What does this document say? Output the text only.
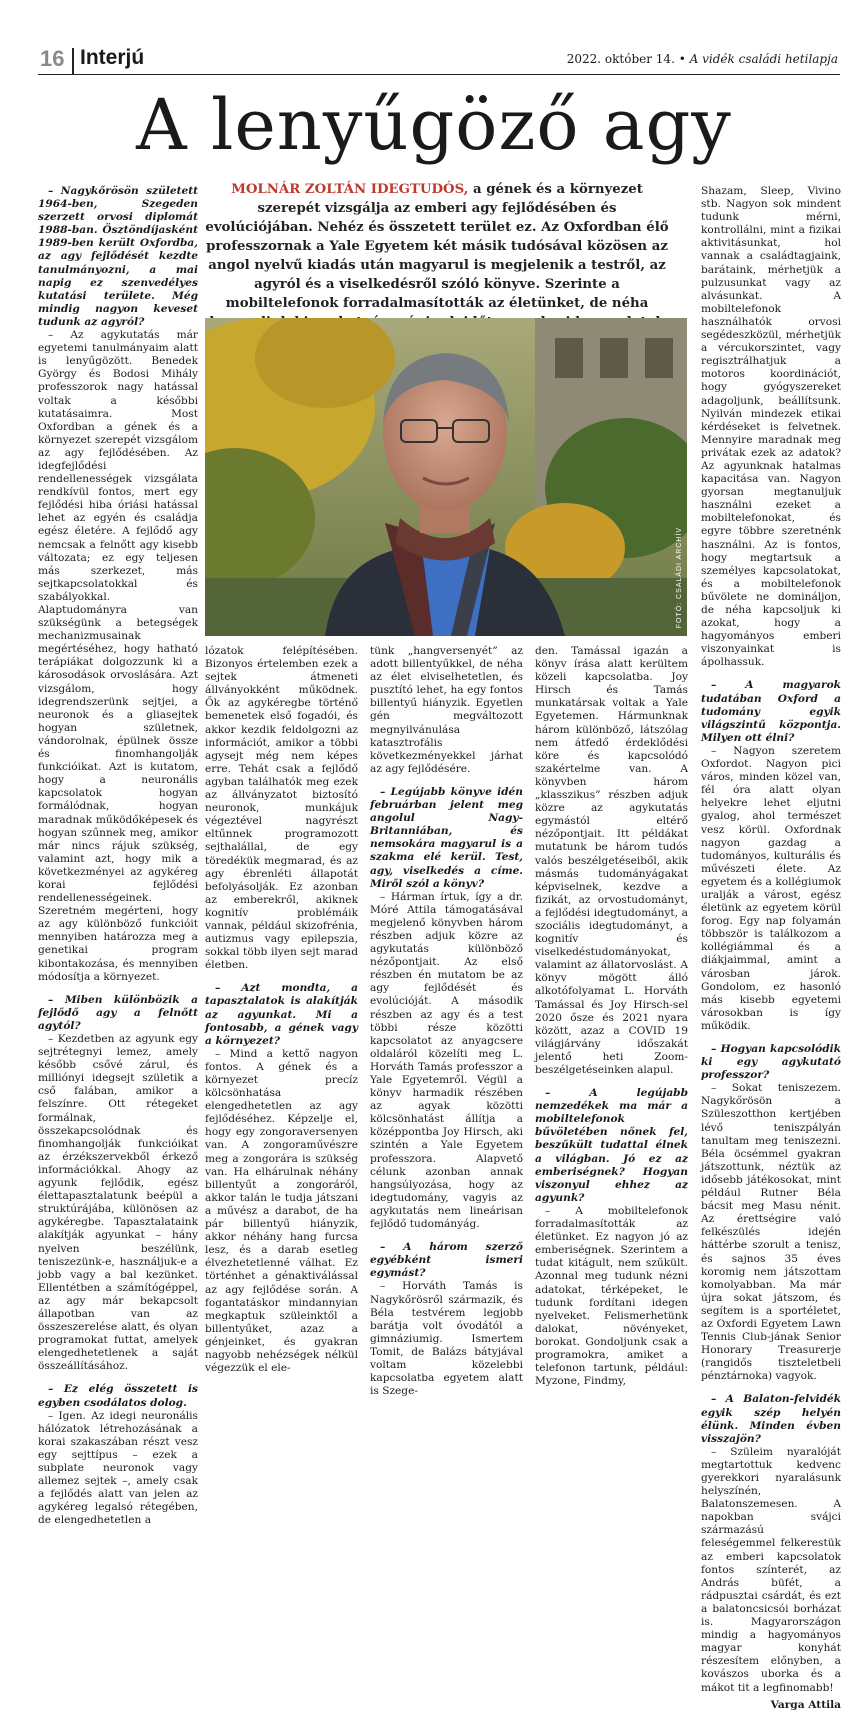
16 Interjú	2022. október 14. • A vidék családi hetilapja
A lenyűgöző agy
MOLNÁR ZOLTÁN IDEGTUDÓS, a gének és a környezet szerepét vizsgálja az emberi agy fejlődésében és evolúciójában. Nehéz és összetett terület ez. Az Oxfordban élő professzornak a Yale Egyetem két másik tudósával közösen az angol nyelvű kiadás után magyarul is megjelenik a testről, az agyról és a viselkedésről szóló könyve. Szerinte a mobiltelefonok forradalmasították az életünket, de néha
FOTÓ: CSALÁDI ARCHÍV

– Nagykőrösön született 1964-ben, Szegeden szerzett orvosi diplomát 1988-ban. Ösztöndíjasként 1989-ben került Oxfordba, az agy fejlődését kezdte tanulmányozni, a mai napig ez szenvedélyes kutatási területe. Még mindig nagyon keveset tudunk az agyról?

– Az agykutatás már egyetemi tanulmányaim alatt is lenyűgözött. Benedek György és Bodosi Mihály professzorok nagy hatással voltak a későbbi kutatásaimra. Most Oxfordban a gének és a környezet szerepét vizsgálom az agy fejlődésében. Az idegfejlődési rendellenességek vizsgálata rendkívül fontos, mert egy fejlődési hiba óriási hatással lehet az egyén és családja egész életére. A fejlődő agy nemcsak a felnőtt agy kisebb változata; ez egy teljesen más szerkezet, más sejtkapcsolatokkal és szabályokkal. Alaptudományra van szükségünk a betegségek mechanizmusainak megértéséhez, hogy hatható terápiákat dolgozzunk ki a károsodások orvoslására. Azt vizsgálom, hogy idegrendszerünk sejtjei, a neuronok és a gliasejtek hogyan születnek, vándorolnak, épülnek össze és finomhangolják funkcióikat. Azt is kutatom, hogy a neuronális kapcsolatok hogyan formálódnak, hogyan maradnak működőképesek és hogyan szűnnek meg, amikor már nincs rájuk szükség, valamint azt, hogy mik a következményei az agykéreg korai fejlődési rendellenességeinek. Szeretném megérteni, hogy az agy különböző funkcióit mennyiben határozza meg a genetikai program kibontakozása, és mennyiben módosítja a környezet.

– Miben különbözik a fejlődő agy a felnőtt agytól?

– Kezdetben az agyunk egy sejtrétegnyi lemez, amely később csővé zárul, és milliónyi idegsejt születik a cső falában, amikor a felszínre. Ott rétegeket formálnak, összekapcsolódnak és finomhangolják funkcióikat az érzékszervekből érkező információkkal. Ahogy az agyunk fejlődik, egész élettapasztalatunk beépül a struktúrájába, különösen az agykéregbe. Tapasztalataink alakítják agyunkat – hány nyelven beszélünk, teniszezünk-e, használjuk-e a jobb vagy a bal kezünket. Ellentétben a számítógéppel, az agy már bekapcsolt állapotban van az összeszerelése alatt, és olyan programokat futtat, amelyek elengedhetetlenek a saját összeállításához.

– Ez elég összetett is egyben csodálatos dolog.

– Igen. Az idegi neuronális hálózatok létrehozásának a korai szakaszában részt vesz egy sejttípus – ezek a subplate neuronok vagy allemez sejtek –, amely csak a fejlődés alatt van jelen az agykéreg legalsó rétegében, de elengedhetetlen a

lózatok felépítésében. Bizonyos értelemben ezek a sejtek átmeneti állványokként működnek. Ők az agykéregbe történő bemenetek első fogadói, és akkor kezdik feldolgozni az információt, amikor a többi agysejt még nem képes erre. Tehát csak a fejlődő agyban találhatók meg ezek az állványzatot biztosító neuronok, munkájuk végeztével nagyrészt eltűnnek programozott sejthalállal, de egy töredékük megmarad, és az agy ébrenléti állapotát befolyásolják. Ez azonban az emberekről, akiknek kognitív problémáik vannak, például skizofrénia, autizmus vagy epilepszia, sokkal több ilyen sejt marad életben.

– Azt mondta, a tapasztalatok is alakítják az agyunkat. Mi a fontosabb, a gének vagy a környezet?

– Mind a kettő nagyon fontos. A gének és a környezet precíz kölcsönhatása elengedhetetlen az agy fejlődéséhez. Képzelje el, hogy egy zongoraversenyen van. A zongoraművészre meg a zongorára is szükség van. Ha elhárulnak néhány billentyűt a zongoráról, akkor talán le tudja játszani a művész a darabot, de ha pár billentyű hiányzik, akkor néhány hang furcsa lesz, és a darab esetleg élvezhetetlenné válhat. Ez történhet a génaktiválással az agy fejlődése során. A fogantatáskor mindannyian megkaptuk szüleinktől a billentyűket, azaz a génjeinket, és gyakran nagyobb nehézségek nélkül végezzük el ele-

tünk „hangversenyét” az adott billentyűkkel, de néha az élet elviselhetetlen, és pusztító lehet, ha egy fontos billentyű hiányzik. Egyetlen gén megváltozott megnyilvánulása katasztrofális következményekkel járhat az agy fejlődésére.

– Legújabb könyve idén februárban jelent meg angolul Nagy-Britanniában, és nemsokára magyarul is a szakma elé kerül. Test, agy, viselkedés a címe. Miről szól a könyv?

– Hárman írtuk, így a dr. Móré Attila támogatásával megjelenő könyvben három részben adjuk közre az agykutatás különböző nézőpontjait. Az első részben én mutatom be az agy fejlődését és evolúcióját. A második részben az agy és a test többi része közötti kapcsolatot az anyagcsere oldaláról közelíti meg L. Horváth Tamás professzor a Yale Egyetemről. Végül a könyv harmadik részében az agyak közötti kölcsönhatást állítja a középpontba Joy Hirsch, aki szintén a Yale Egyetem professzora. Alapvető célunk azonban annak hangsúlyozása, hogy az idegtudomány, vagyis az agykutatás nem lineárisan fejlődő tudományág.

– A három szerző egyébként ismeri egymást?

– Horváth Tamás is Nagykőrösről származik, és Béla testvérem legjobb barátja volt óvodától a gimnáziumig. Ismertem Tomit, de Balázs bátyjával voltam közelebbi kapcsolatba egyetem alatt is Szege-

den. Tamással igazán a könyv írása alatt kerültem közeli kapcsolatba. Joy Hirsch és Tamás munkatársak voltak a Yale Egyetemen. Hármunknak három különböző, látszólag nem átfedő érdeklődési köre és kapcsolódó szakértelme van. A könyvben három „klasszikus” részben adjuk közre az agykutatás egymástól eltérő nézőpontjait. Itt példákat mutatunk be három tudós valós beszélgetéseiből, akik másmás tudományágakat képviselnek, kezdve a fizikát, az orvostudományt, a fejlődési idegtudományt, a szociális idegtudományt, a kognitív és viselkedéstudományokat, valamint az állatorvoslást. A könyv mögött álló alkotófolyamat L. Horváth Tamással és Joy Hirsch-sel 2020 ősze és 2021 nyara között, azaz a COVID 19 világjárvány időszakát jelentő heti Zoom-beszélgetéseinken alapul.

– A legújabb nemzedékek ma már a mobiltelefonok bűvöletében nőnek fel, beszűkült tudattal élnek a világban. Jó ez az emberiségnek? Hogyan viszonyul ehhez az agyunk?

– A mobiltelefonok forradalmasították az életünket. Ez nagyon jó az emberiségnek. Szerintem a tudat kitágult, nem szűkült. Azonnal meg tudunk nézni adatokat, térképeket, le tudunk fordítani idegen nyelveket. Felismerhetünk dalokat, növényeket, borokat. Gondoljunk csak a programokra, amiket a telefonon tartunk, például: Myzone, Findmy,

Shazam, Sleep, Vivino stb. Nagyon sok mindent tudunk mérni, kontrollálni, mint a fizikai aktivitásunkat, hol vannak a családtagjaink, barátaink, mérhetjük a pulzusunkat vagy az alvásunkat. A mobiltelefonok használhatók orvosi segédeszközül, mérhetjük a vércukorszintet, vagy regisztrálhatjuk a motoros koordinációt, hogy gyógyszereket adagoljunk, beállítsunk. Nyilván mindezek etikai kérdéseket is felvetnek. Mennyire maradnak meg privátak ezek az adatok? Az agyunknak hatalmas kapacitása van. Nagyon gyorsan megtanuljuk használni ezeket a mobiltelefonokat, és egyre többre szeretnénk használni. Az is fontos, hogy megtartsuk a személyes kapcsolatokat, és a mobiltelefonok bűvölete ne domináljon, de néha kapcsoljuk ki azokat, hogy a hagyományos emberi viszonyainkat is ápolhassuk.

– A magyarok tudatában Oxford a tudomány egyik világszintű központja. Milyen ott élni?

– Nagyon szeretem Oxfordot. Nagyon pici város, minden közel van, fél óra alatt olyan helyekre lehet eljutni gyalog, ahol természet vesz körül. Oxfordnak nagyon gazdag a tudományos, kulturális és művészeti élete. Az egyetem és a kollégiumok uralják a várost, egész életünk az egyetem körül forog. Egy nap folyamán többször is találkozom a kollégiámmal és a diákjaimmal, amint a városban járok. Gondolom, ez hasonló más kisebb egyetemi városokban is így működik.

– Hogyan kapcsolódik ki egy agykutató professzor?

– Sokat teniszezem. Nagykőrösön a Szüleszotthon kertjében lévő teniszpályán tanultam meg teniszezni. Béla öcsémmel gyakran játszottunk, néztük az idősebb játékosokat, mint például Rutner Béla bácsit meg Masu nénit. Az érettségire való felkészülés idején háttérbe szorult a tenisz, és sajnos 35 éves koromig nem játszottam komolyabban. Ma már újra sokat játszom, és segítem is a sportéletet, az Oxfordi Egyetem Lawn Tennis Club-jának Senior Honorary Treasurerje (rangidős tiszteletbeli pénztárnoka) vagyok.

– A Balaton-felvidék egyik szép helyén élünk. Minden évben visszajön?

– Szüleim nyaralóját megtartottuk kedvenc gyerekkori nyaralásunk helyszínén, Balatonszemesen. A napokban svájci származású feleségemmel felkerestük az emberi kapcsolatok fontos színterét, az András büfét, a rádpusztai csárdát, és ezt a balatoncsicsói borházat is. Magyarországon mindig a hagyományos magyar konyhát részesítem előnyben, a kovászos uborka és a mákot tit a legfinomabb!

Varga Attila
